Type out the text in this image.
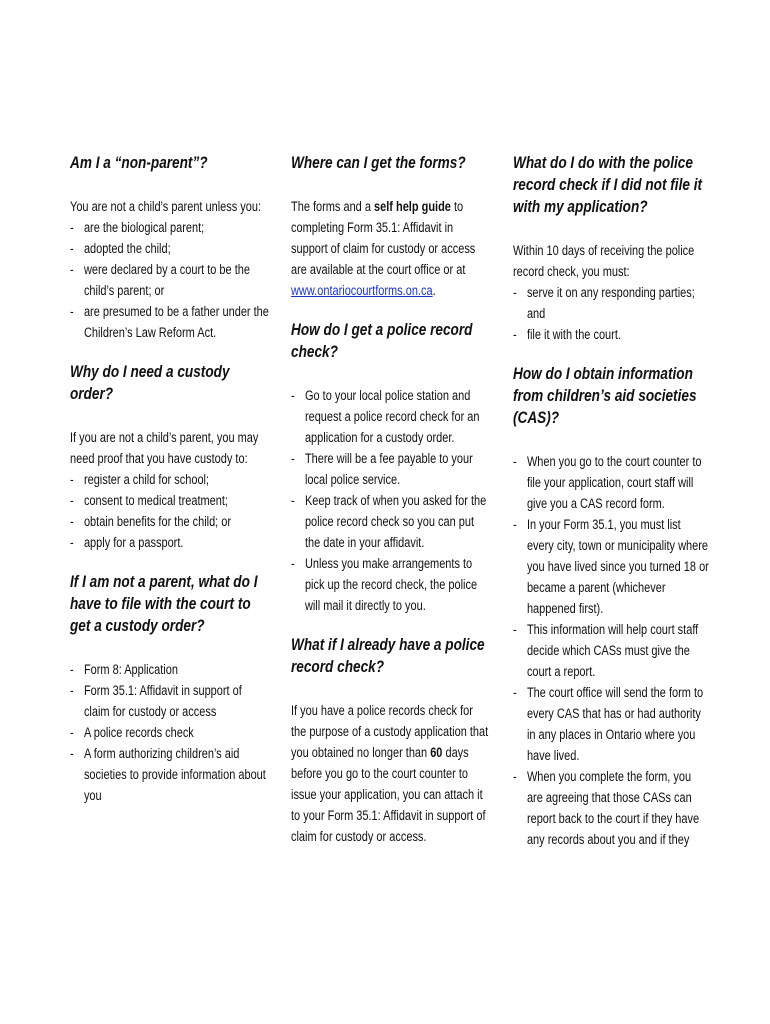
Am I a “non-parent”?

You are not a child’s parent unless you:

- are the biological parent;
- adopted the child;
- were declared by a court to be the child’s parent; or
- are presumed to be a father under the Children’s Law Reform Act.
Why do I need a custody order?

If you are not a child’s parent, you may need proof that you have custody to:

- register a child for school;
- consent to medical treatment;
- obtain benefits for the child; or
- apply for a passport.
If I am not a parent, what do I have to file with the court to get a custody order?
- Form 8: Application
- Form 35.1: Affidavit in support of claim for custody or access
- A police records check
- A form authorizing children’s aid societies to provide information about you
Where can I get the forms?

The forms and a self help guide to completing Form 35.1: Affidavit in support of claim for custody or access are available at the court office or at www.ontariocourtforms.on.ca.

How do I get a police record check?
- Go to your local police station and request a police record check for an application for a custody order.
- There will be a fee payable to your local police service.
- Keep track of when you asked for the police record check so you can put the date in your affidavit.
- Unless you make arrangements to pick up the record check, the police will mail it directly to you.
What if I already have a police record check?

If you have a police records check for the purpose of a custody application that you obtained no longer than 60 days before you go to the court counter to issue your application, you can attach it to your Form 35.1: Affidavit in support of claim for custody or access.

What do I do with the police record check if I did not file it with my application?

Within 10 days of receiving the police record check, you must:

- serve it on any responding parties; and
- file it with the court.
How do I obtain information from children’s aid societies (CAS)?
- When you go to the court counter to file your application, court staff will give you a CAS record form.
- In your Form 35.1, you must list every city, town or municipality where you have lived since you turned 18 or became a parent (whichever happened first).
- This information will help court staff decide which CASs must give the court a report.
- The court office will send the form to every CAS that has or had authority in any places in Ontario where you have lived.
- When you complete the form, you are agreeing that those CASs can report back to the court if they have any records about you and if they
